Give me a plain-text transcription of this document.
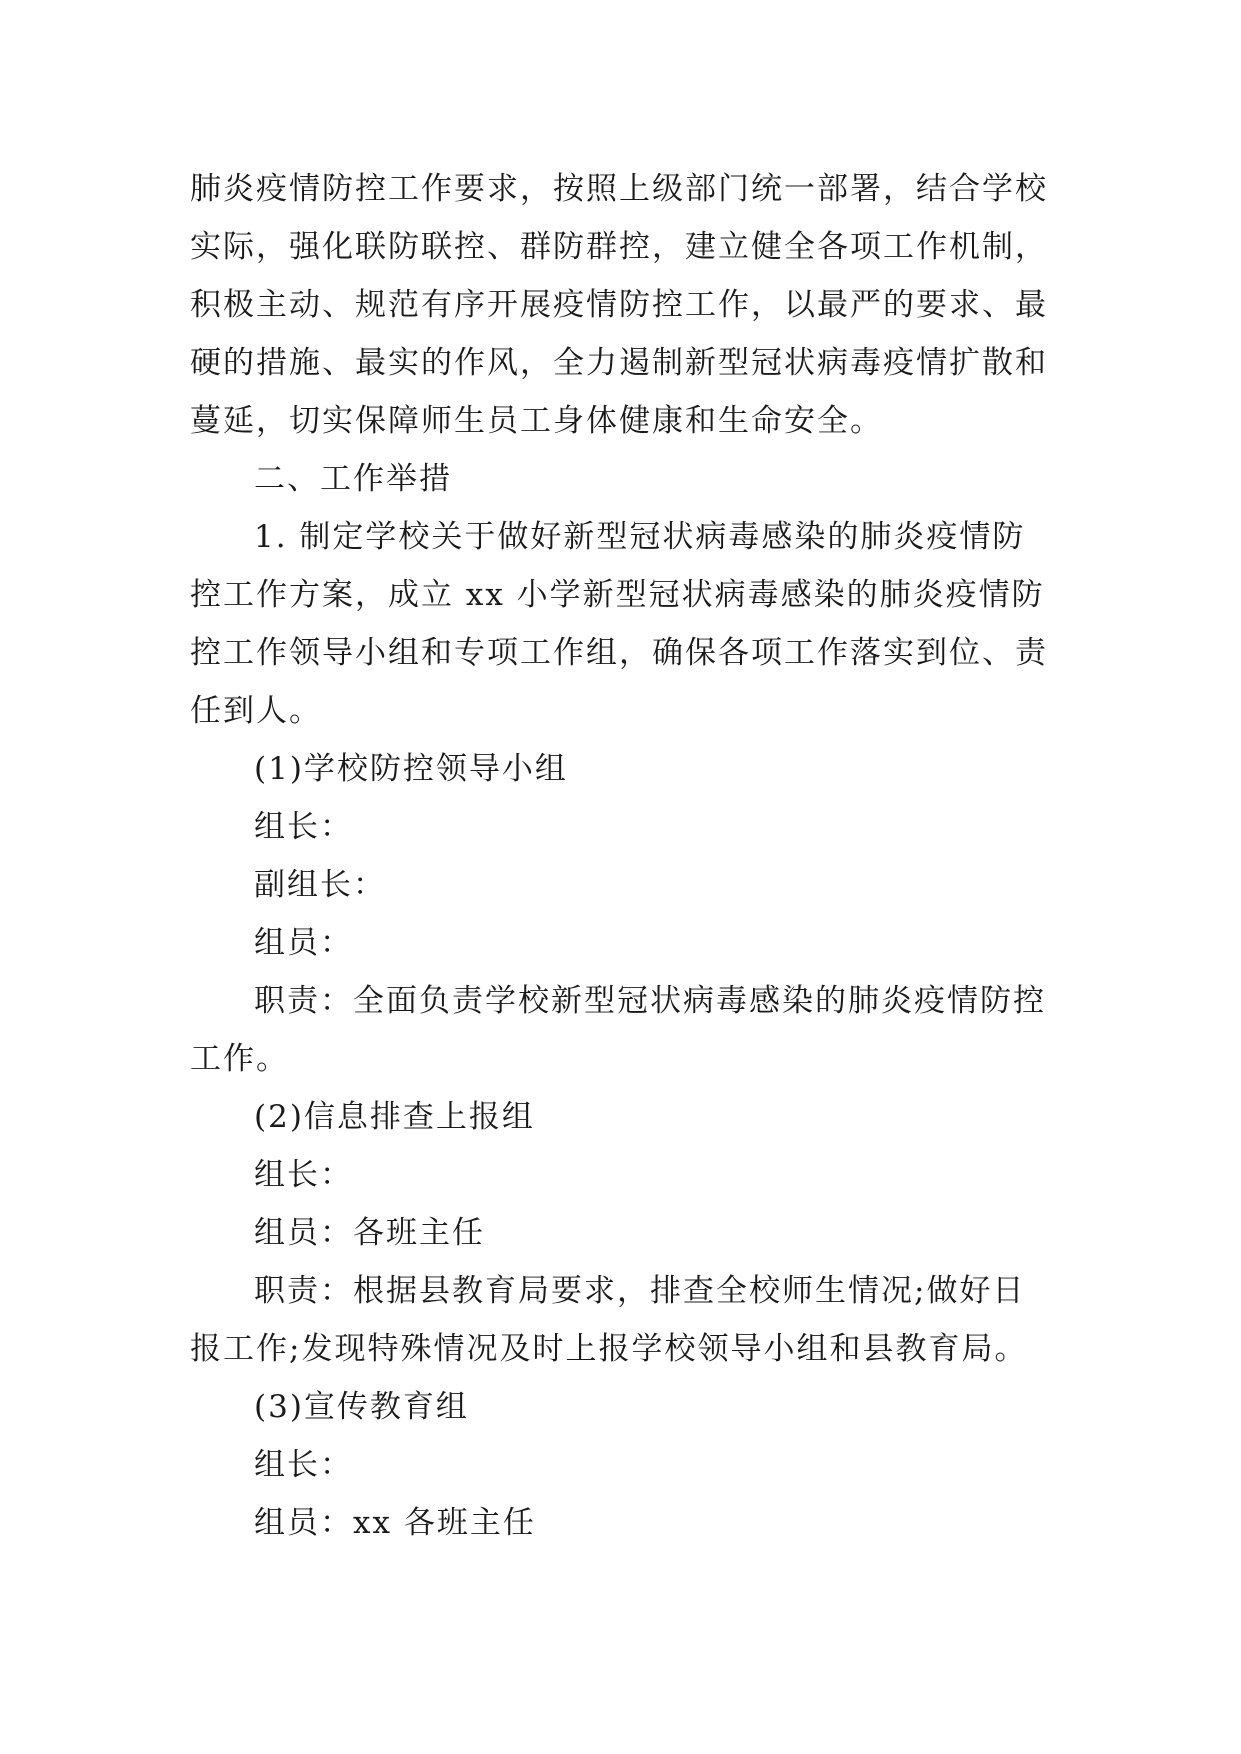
肺炎疫情防控工作要求，按照上级部门统一部署，结合学校
实际，强化联防联控、群防群控，建立健全各项工作机制，
积极主动、规范有序开展疫情防控工作，以最严的要求、最
硬的措施、最实的作风，全力遏制新型冠状病毒疫情扩散和
蔓延，切实保障师生员工身体健康和生命安全。
二、工作举措
1. 制定学校关于做好新型冠状病毒感染的肺炎疫情防
控工作方案，成立 xx 小学新型冠状病毒感染的肺炎疫情防
控工作领导小组和专项工作组，确保各项工作落实到位、责
任到人。
(1)学校防控领导小组
组长：
副组长：
组员：
职责：全面负责学校新型冠状病毒感染的肺炎疫情防控
工作。
(2)信息排查上报组
组长：
组员：各班主任
职责：根据县教育局要求，排查全校师生情况;做好日
报工作;发现特殊情况及时上报学校领导小组和县教育局。
(3)宣传教育组
组长：
组员：xx 各班主任
